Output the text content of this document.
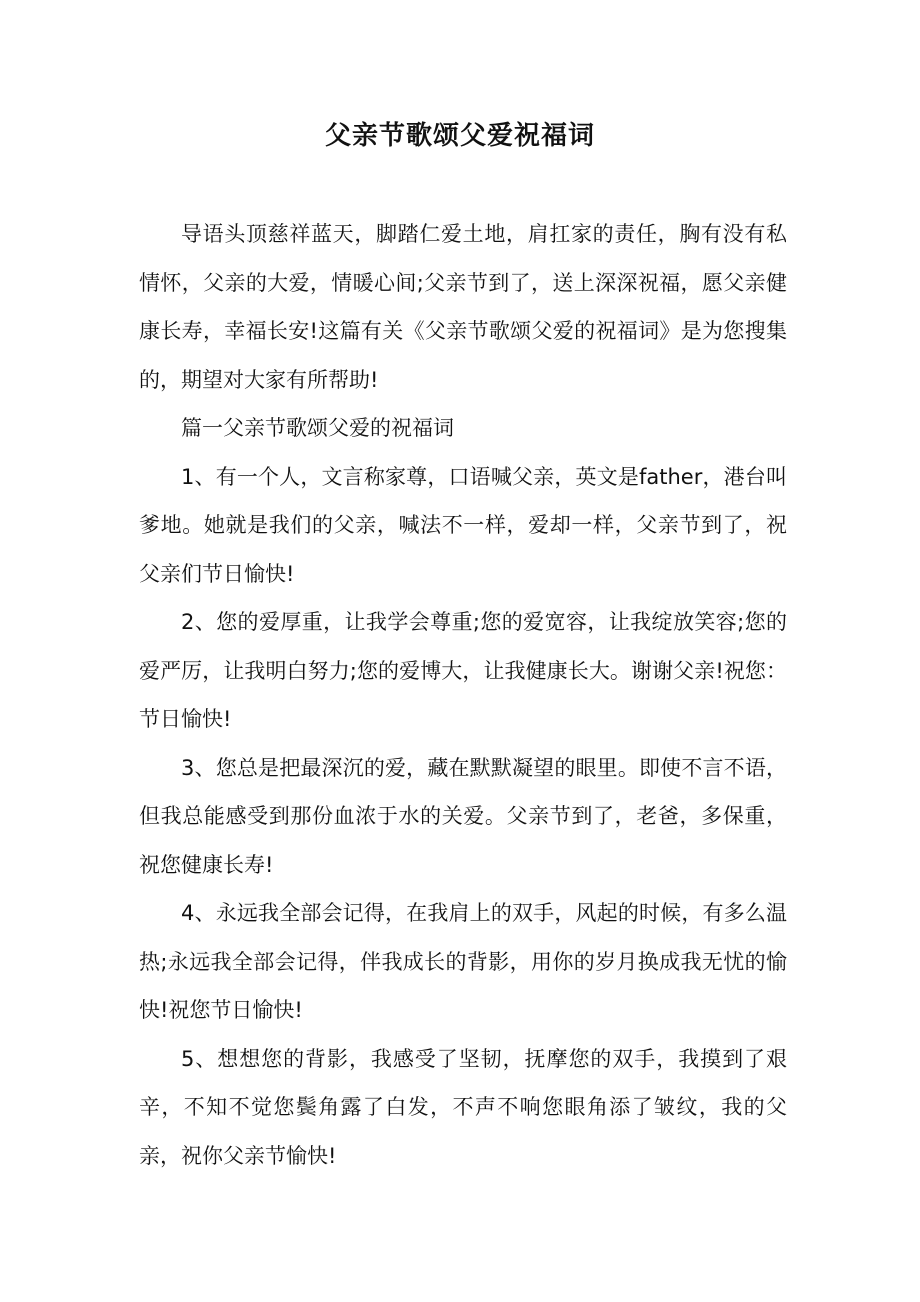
父亲节歌颂父爱祝福词

导语头顶慈祥蓝天，脚踏仁爱土地，肩扛家的责任，胸有没有私情怀，父亲的大爱，情暖心间;父亲节到了，送上深深祝福，愿父亲健康长寿，幸福长安!这篇有关《父亲节歌颂父爱的祝福词》是为您搜集的，期望对大家有所帮助!

篇一父亲节歌颂父爱的祝福词

1、有一个人，文言称家尊，口语喊父亲，英文是father，港台叫爹地。她就是我们的父亲，喊法不一样，爱却一样，父亲节到了，祝父亲们节日愉快!

2、您的爱厚重，让我学会尊重;您的爱宽容，让我绽放笑容;您的爱严厉，让我明白努力;您的爱博大，让我健康长大。谢谢父亲!祝您：节日愉快!

3、您总是把最深沉的爱，藏在默默凝望的眼里。即使不言不语，但我总能感受到那份血浓于水的关爱。父亲节到了，老爸，多保重，祝您健康长寿!

4、永远我全部会记得，在我肩上的双手，风起的时候，有多么温热;永远我全部会记得，伴我成长的背影，用你的岁月换成我无忧的愉快!祝您节日愉快!

5、想想您的背影，我感受了坚韧，抚摩您的双手，我摸到了艰辛，不知不觉您鬓角露了白发，不声不响您眼角添了皱纹，我的父亲，祝你父亲节愉快!
